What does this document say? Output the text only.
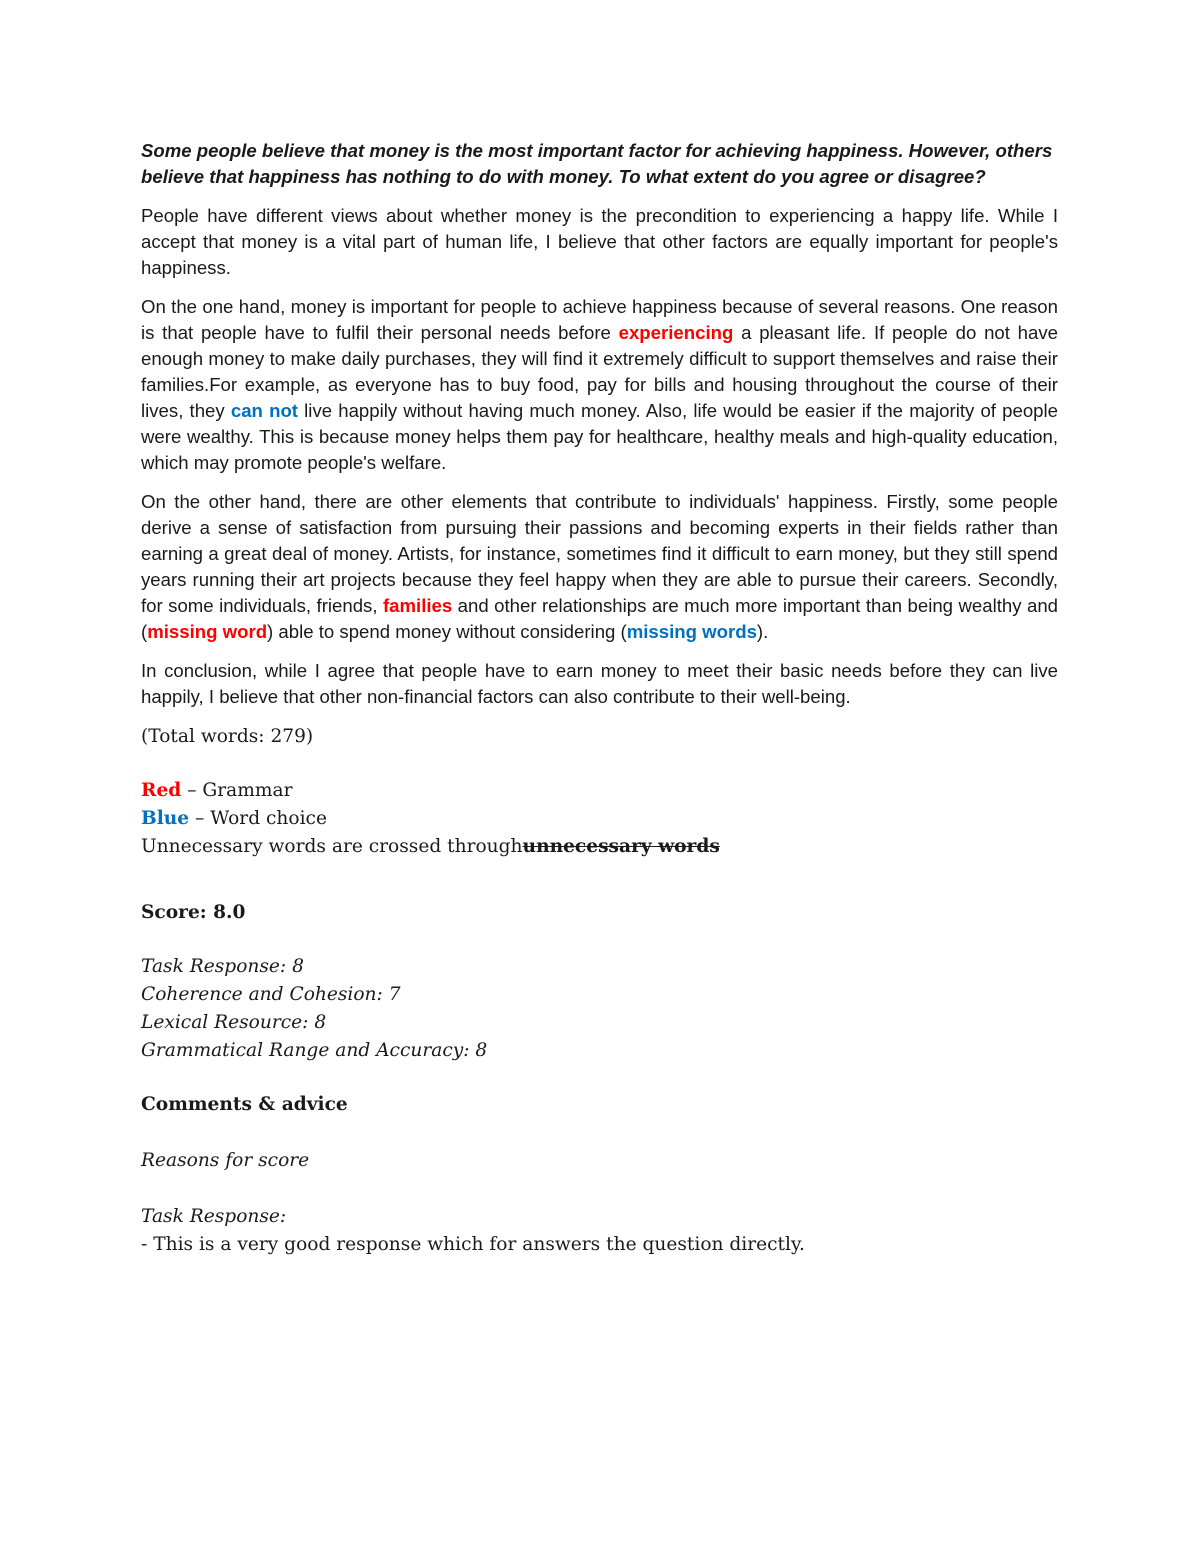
Some people believe that money is the most important factor for achieving happiness. However, others believe that happiness has nothing to do with money. To what extent do you agree or disagree?

People have different views about whether money is the precondition to experiencing a happy life. While I accept that money is a vital part of human life, I believe that other factors are equally important for people's happiness.

On the one hand, money is important for people to achieve happiness because of several reasons. One reason is that people have to fulfil their personal needs before experiencing a pleasant life. If people do not have enough money to make daily purchases, they will find it extremely difficult to support themselves and raise their families.For example, as everyone has to buy food, pay for bills and housing throughout the course of their lives, they can not live happily without having much money. Also, life would be easier if the majority of people were wealthy. This is because money helps them pay for healthcare, healthy meals and high-quality education, which may promote people's welfare.

On the other hand, there are other elements that contribute to individuals' happiness. Firstly, some people derive a sense of satisfaction from pursuing their passions and becoming experts in their fields rather than earning a great deal of money. Artists, for instance, sometimes find it difficult to earn money, but they still spend years running their art projects because they feel happy when they are able to pursue their careers. Secondly, for some individuals, friends, families and other relationships are much more important than being wealthy and (missing word) able to spend money without considering (missing words).

In conclusion, while I agree that people have to earn money to meet their basic needs before they can live happily, I believe that other non-financial factors can also contribute to their well-being.

(Total words: 279)

Red – Grammar

Blue – Word choice

Unnecessary words are crossed throughunnecessary words

Score: 8.0

Task Response: 8

Coherence and Cohesion: 7

Lexical Resource: 8

Grammatical Range and Accuracy: 8

Comments & advice

Reasons for score

Task Response:

- This is a very good response which for answers the question directly.
